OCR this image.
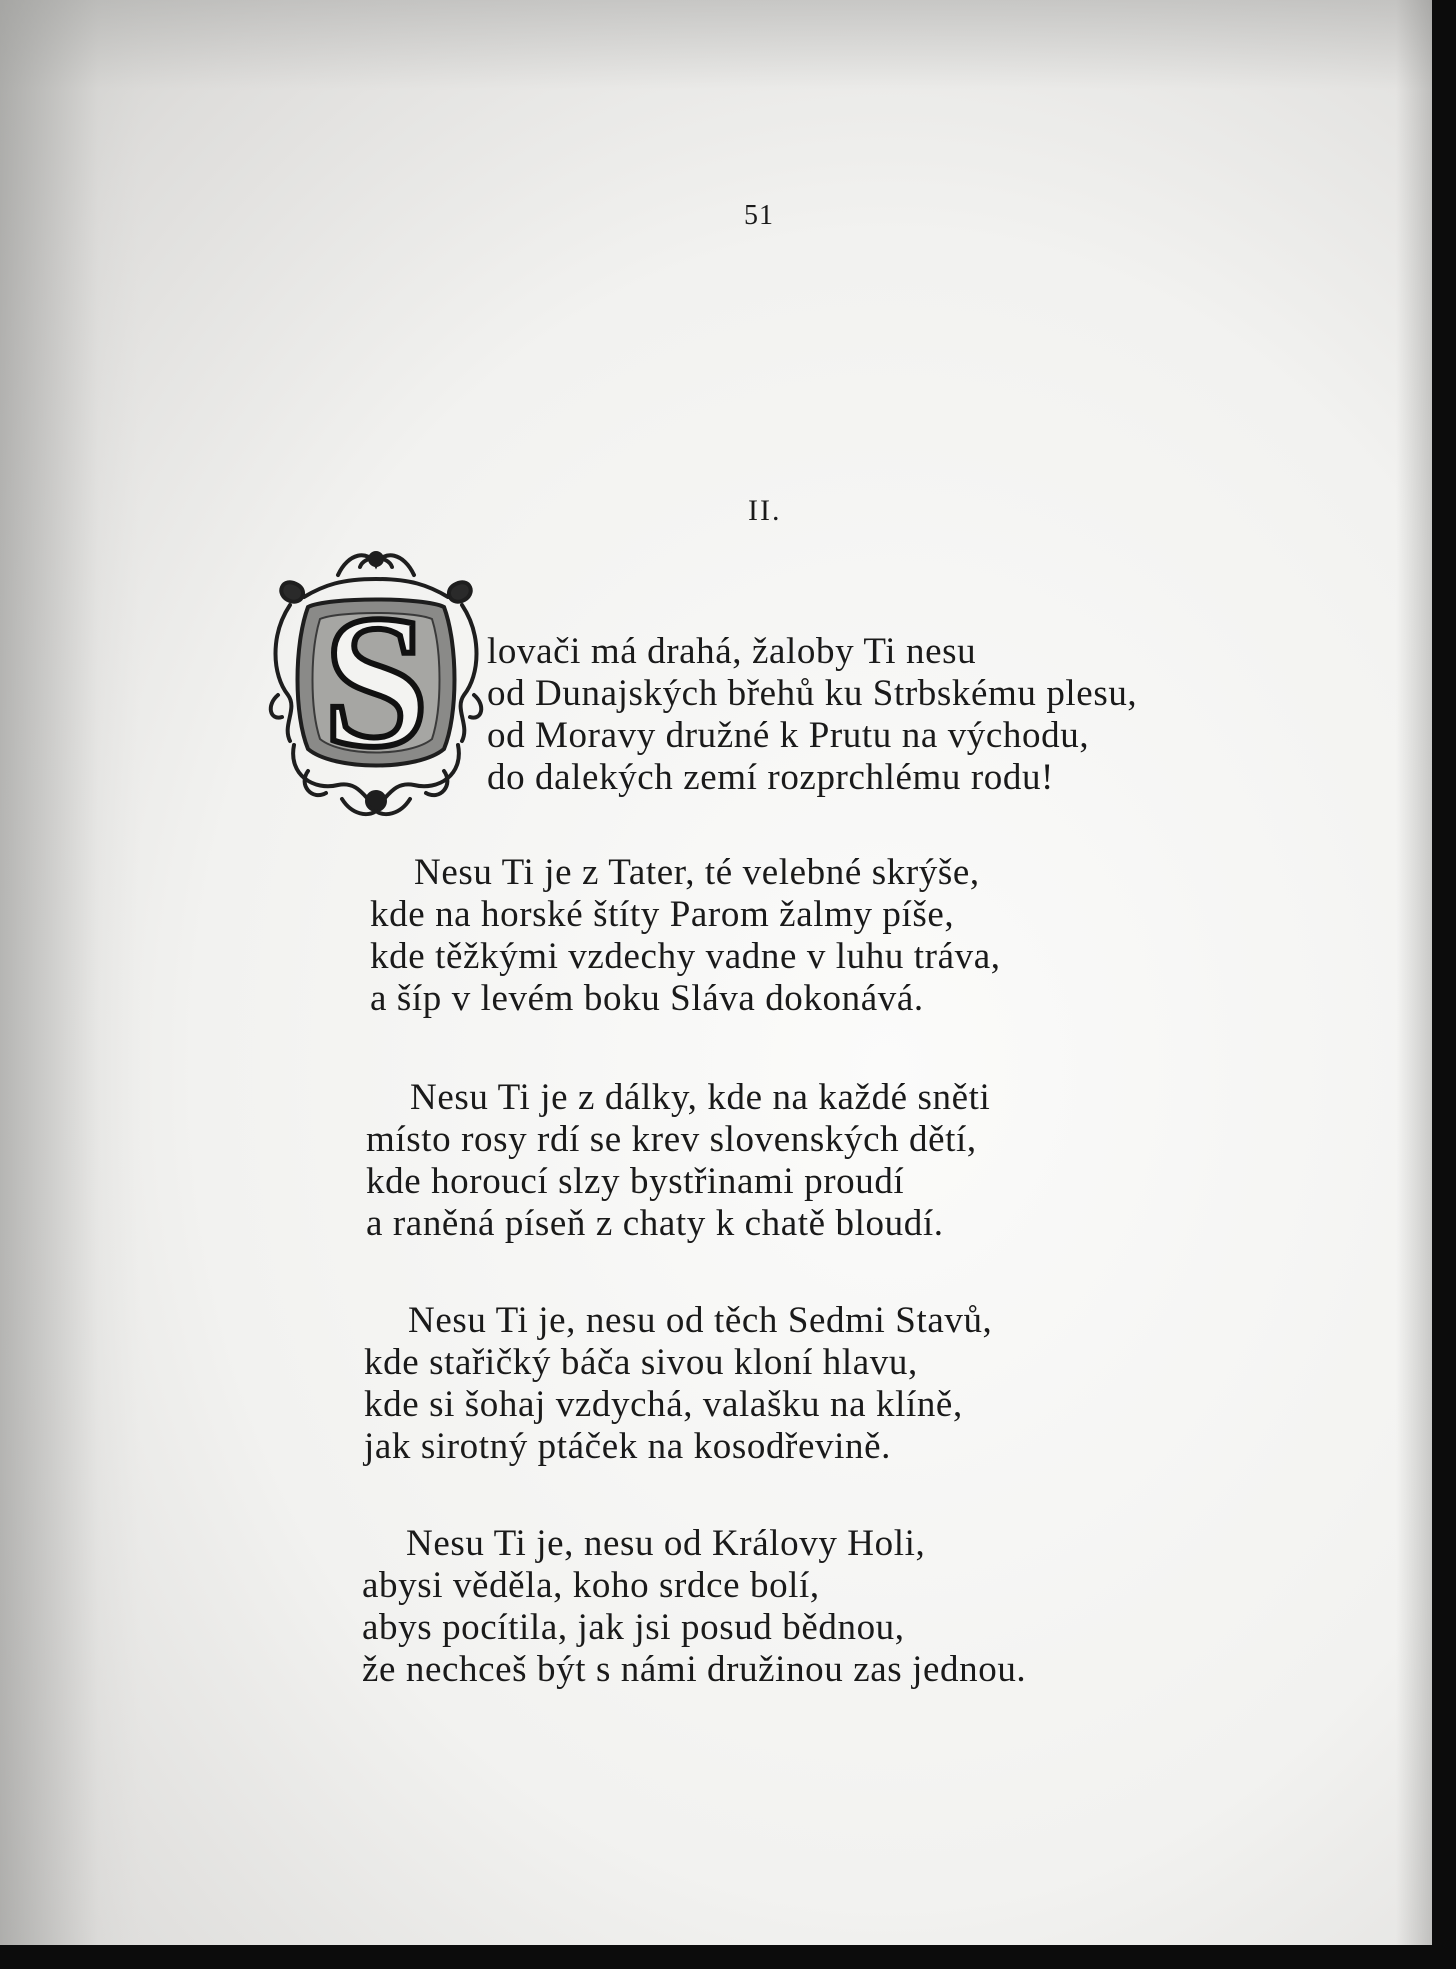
51
II.
S lovači má drahá, žaloby Ti nesu
od Dunajských břehů ku Strbskému plesu,
od Moravy družné k Prutu na východu,
do dalekých zemí rozprchlému rodu!
Nesu Ti je z Tater, té velebné skrýše,
kde na horské štíty Parom žalmy píše,
kde těžkými vzdechy vadne v luhu tráva,
a šíp v levém boku Sláva dokonává.
Nesu Ti je z dálky, kde na každé sněti
místo rosy rdí se krev slovenských dětí,
kde horoucí slzy bystřinami proudí
a raněná píseň z chaty k chatě bloudí.
Nesu Ti je, nesu od těch Sedmi Stavů,
kde stařičký báča sivou kloní hlavu,
kde si šohaj vzdychá, valašku na klíně,
jak sirotný ptáček na kosodřevině.
Nesu Ti je, nesu od Královy Holi,
abysi věděla, koho srdce bolí,
abys pocítila, jak jsi posud bědnou,
že nechceš být s námi družinou zas jednou.
